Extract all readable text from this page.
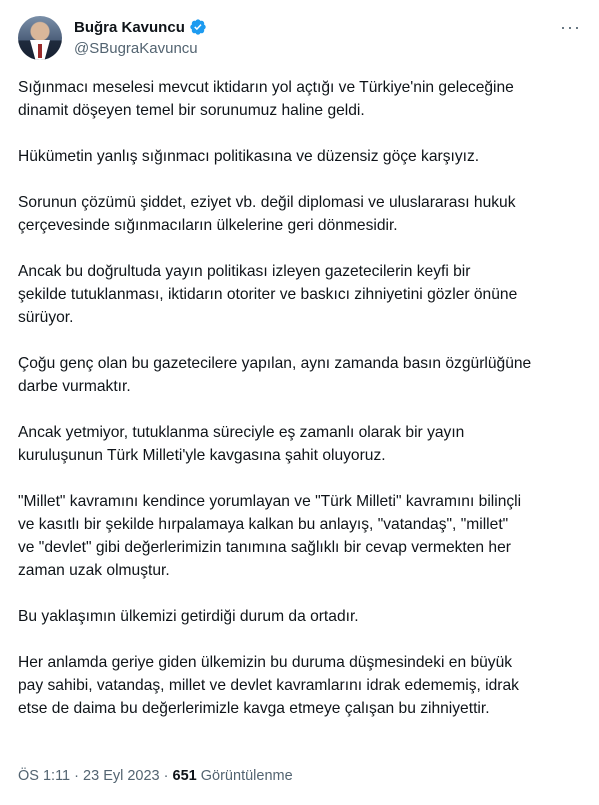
Buğra Kavuncu
@SBugraKavuncu
···

Sığınmacı meselesi mevcut iktidarın yol açtığı ve Türkiye'nin geleceğine
dinamit döşeyen temel bir sorunumuz haline geldi.

Hükümetin yanlış sığınmacı politikasına ve düzensiz göçe karşıyız.

Sorunun çözümü şiddet, eziyet vb. değil diplomasi ve uluslararası hukuk
çerçevesinde sığınmacıların ülkelerine geri dönmesidir.

Ancak bu doğrultuda yayın politikası izleyen gazetecilerin keyfi bir
şekilde tutuklanması, iktidarın otoriter ve baskıcı zihniyetini gözler önüne
sürüyor.

Çoğu genç olan bu gazetecilere yapılan, aynı zamanda basın özgürlüğüne
darbe vurmaktır.

Ancak yetmiyor, tutuklanma süreciyle eş zamanlı olarak bir yayın
kuruluşunun Türk Milleti'yle kavgasına şahit oluyoruz.

"Millet" kavramını kendince yorumlayan ve "Türk Milleti" kavramını bilinçli
ve kasıtlı bir şekilde hırpalamaya kalkan bu anlayış, "vatandaş", "millet"
ve "devlet" gibi değerlerimizin tanımına sağlıklı bir cevap vermekten her
zaman uzak olmuştur.

Bu yaklaşımın ülkemizi getirdiği durum da ortadır.

Her anlamda geriye giden ülkemizin bu duruma düşmesindeki en büyük
pay sahibi, vatandaş, millet ve devlet kavramlarını idrak edememiş, idrak
etse de daima bu değerlerimizle kavga etmeye çalışan bu zihniyettir.

ÖS 1:11 · 23 Eyl 2023 · 651 Görüntülenme
